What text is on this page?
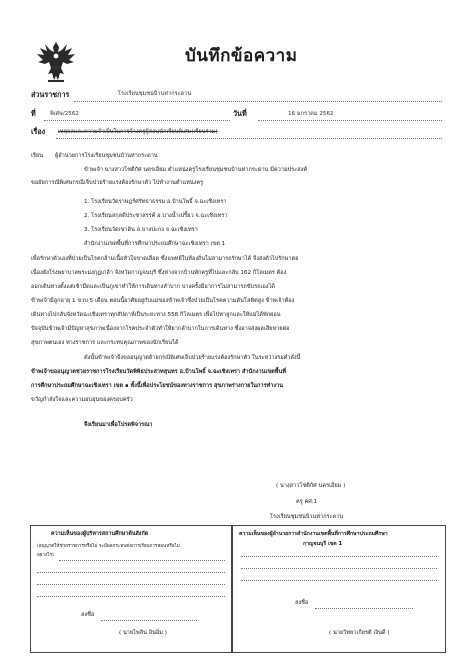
บันทึกข้อความ
ส่วนราชการ	โรงเรียนชุมชนบ้านท่ากระดาน
ที่	พิเศษ/2562	วันที่	16 มกราคม 2562
เรื่อง เหตุผลและความจำเป็นในการจ้างครูผู้สอนนักเรียนพิเศษ(เรียนร่วม)
เรียน ผู้อำนวยการโรงเรียนชุมชนบ้านท่ากระดาน
ข้าพเจ้า นางสาวโชติกัศ นครเอียม ตำแหน่งครูโรงเรียนชุมชนบ้านท่ากระดาน มีความประสงค์
ขออัยการณีพิเศษกรณีเจ็บป่วยร้ายแรงต้องรักษาตัว ไปทำงานตำแหน่งครู
1. โรงเรียนวัดราษฎร์ศรัทธาธรรม อ.บ้านโพธิ์ จ.ฉะเชิงเทรา
2. โรงเรียนสกุลดีประชาสรรค์ อ.บางน้ำเปรี้ยว จ.ฉะเชิงเทรา
3. โรงเรียนวัดเขาดิน อ.บางปะกง จ.ฉะเชิงเทรา
สำนักงานเขตพื้นที่การศึกษาประถมศึกษาฉะเชิงเทรา เขต 1
เพื่อรักษาตัวเองที่ป่วยเป็นโรคกล้ามเนื้อหัวใจขาดเลือด ซึ่งแพทย์ในท้องถิ่นไม่สามารถรักษาได้ จึงส่งตัวไปรักษาต่อ
เนื่องยังโรงพยาบาลพระมงกุฏเกล้า จังหวัดกาญจนบุรี ซึ่งห่างจากบ้านพักครูที่ไปและกลับ 162 กิโลเมตร ต้อง
ออกเดินทางตั้งแต่เช้ามืดและเป็นภูเขาทำให้การเดินทางลำบาก บางครั้งมีอาการไม่สามารถขับรถเองได้
ข้าพเจ้ามีลูกอายุ 1 ขวบ 5 เดือน ตอนนี้อาศัยอยู่กับแม่ของข้าพเจ้าซึ่งป่วยเป็นโรคความดันโลหิตสูง ข้าพเจ้าต้อง
เดินทางไปกลับจังหวัดฉะเชิงเทราทุกสัปดาห์เป็นระยะทาง 558 กิโลเมตร เพื่อไปหาลูกและให้แม่ได้พักผ่อน
ปัจจุบันข้าพเจ้ามีปัญหาสุขภาพเนื่องจากโรคประจำตัวทำให้ยากลำบากในการเดินทาง ซึ่งอาจส่งผลเสียหายต่อ
สุขภาพตนเอง ทางราชการ และกระทบคุณภาพของนักเรียนได้
ดังนั้นข้าพเจ้าจึงขออนุญาตย้ายกรณีพิเศษเจ็บป่วยร้ายแรงต้องรักษาตัว ในระหว่างรอคำสั่งนี้
ข้าพเจ้าขออนุญาตช่วยราชการโรงเรียนวัดพิพิธประสาทสุนทร อ.บ้านโพธิ์ จ.ฉะเชิงเทรา สำนักงานเขตพื้นที่
การศึกษาประถมศึกษาฉะเชิงเทรา เขต ๑ ทั้งนี้เพื่อประโยชน์ของทางราชการ สุขภาพร่างกายในการทำงาน
ขวัญกำลังใจและความอบอุ่นของครอบครัว
จึงเรียนมาเพื่อโปรดพิจารณา
( นางสาวโชติกัศ นครเอียม )
ครู คศ.1
โรงเรียนชุมชนบ้านท่ากระดาน
ความเห็นของผู้บริหารสถานศึกษาต้นสังกัด
(อนุญาตให้ช่วยราชการหรือไม่ จะมีผลกระทบต่อการเรียนการสอนหรือไม่
อย่างไร)
ลงชื่อ
( นายไพลิน อินอิ่ม )
ความเห็นของผู้อำนวยการสำนักงานเขตพื้นที่การศึกษาประถมศึกษา
กาญจนบุรี เขต 1
ลงชื่อ
( นายวิทยาเกียรติ เงินดี )
